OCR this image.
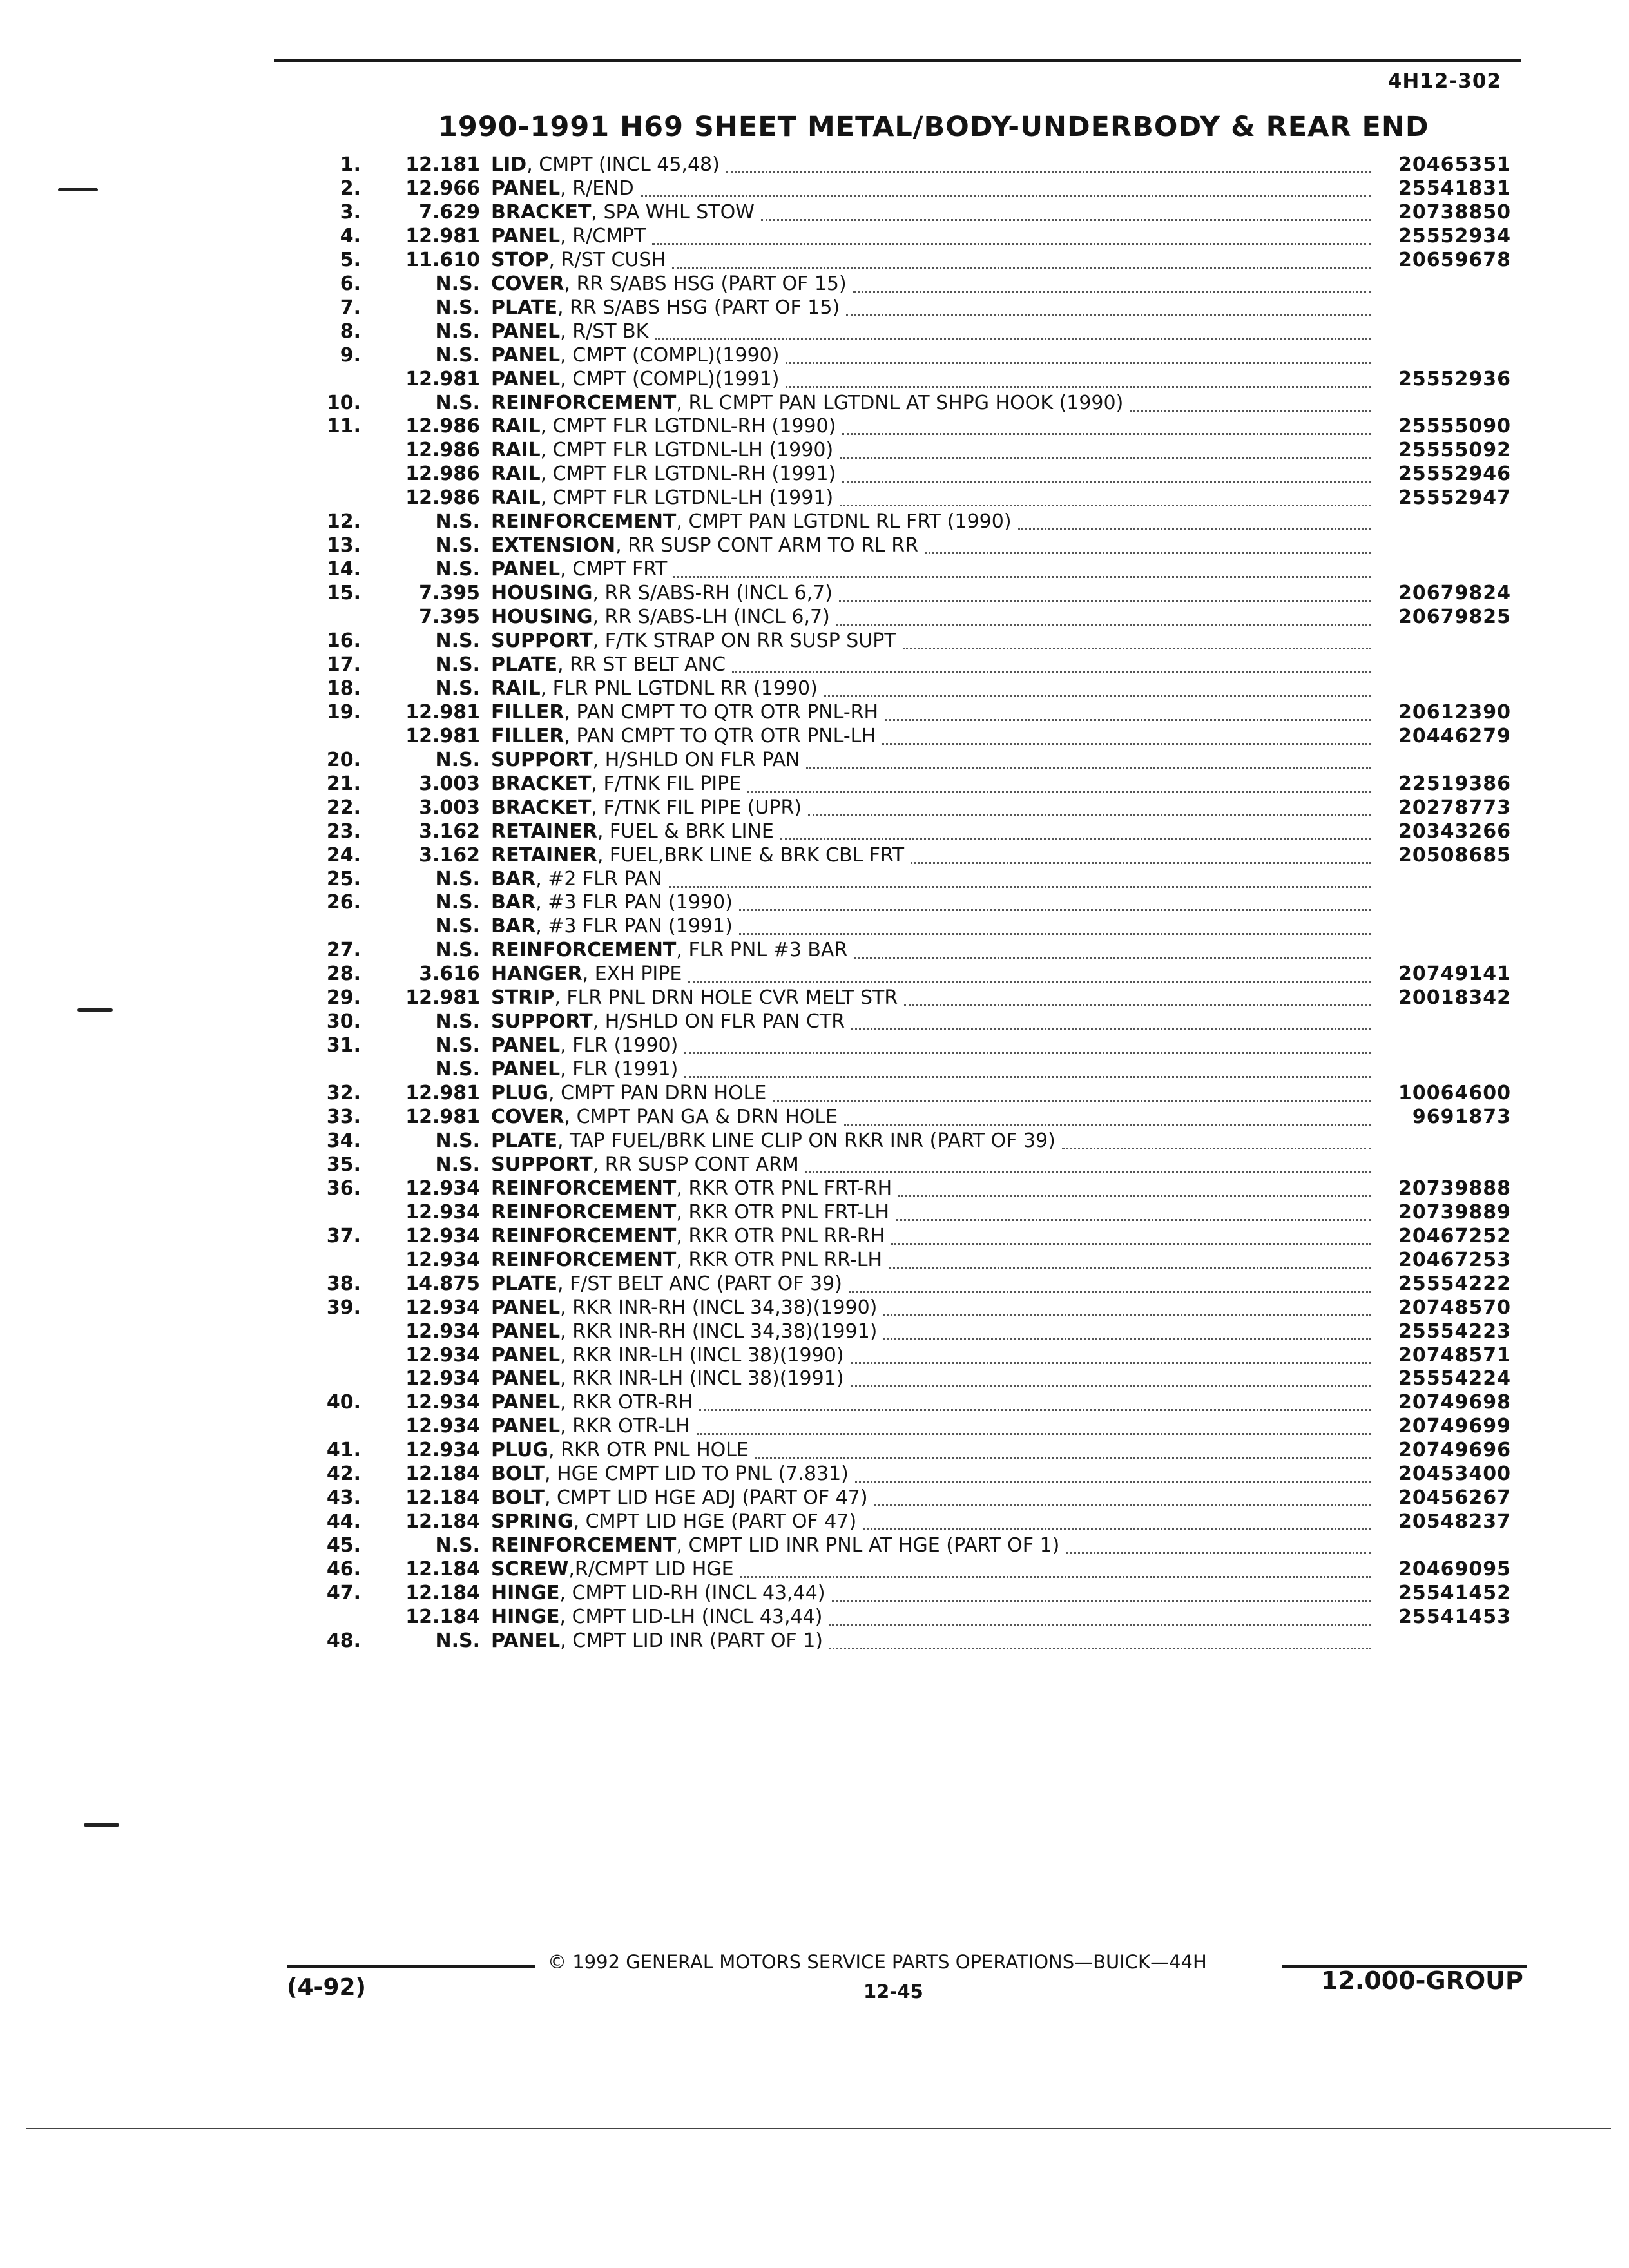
4H12-302
1990-1991 H69 SHEET METAL/BODY-UNDERBODY & REAR END
1.	12.181 LID, CMPT (INCL 45,48)	20465351
2.	12.966 PANEL, R/END	25541831
3.	7.629 BRACKET, SPA WHL STOW	20738850
4.	12.981 PANEL, R/CMPT	25552934
5.	11.610 STOP, R/ST CUSH	20659678
6.	N.S. COVER, RR S/ABS HSG (PART OF 15)
7.	N.S. PLATE, RR S/ABS HSG (PART OF 15)
8.	N.S. PANEL, R/ST BK
9.	N.S. PANEL, CMPT (COMPL)(1990)
12.981 PANEL, CMPT (COMPL)(1991)	25552936
10.	N.S. REINFORCEMENT, RL CMPT PAN LGTDNL AT SHPG HOOK (1990)
11.	12.986 RAIL, CMPT FLR LGTDNL-RH (1990)	25555090
12.986 RAIL, CMPT FLR LGTDNL-LH (1990)	25555092
12.986 RAIL, CMPT FLR LGTDNL-RH (1991)	25552946
12.986 RAIL, CMPT FLR LGTDNL-LH (1991)	25552947
12.	N.S. REINFORCEMENT, CMPT PAN LGTDNL RL FRT (1990)
13.	N.S. EXTENSION, RR SUSP CONT ARM TO RL RR
14.	N.S. PANEL, CMPT FRT
15.	7.395 HOUSING, RR S/ABS-RH (INCL 6,7)	20679824
7.395 HOUSING, RR S/ABS-LH (INCL 6,7)	20679825
16.	N.S. SUPPORT, F/TK STRAP ON RR SUSP SUPT
17.	N.S. PLATE, RR ST BELT ANC
18.	N.S. RAIL, FLR PNL LGTDNL RR (1990)
19.	12.981 FILLER, PAN CMPT TO QTR OTR PNL-RH	20612390
12.981 FILLER, PAN CMPT TO QTR OTR PNL-LH	20446279
20.	N.S. SUPPORT, H/SHLD ON FLR PAN
21.	3.003 BRACKET, F/TNK FIL PIPE	22519386
22.	3.003 BRACKET, F/TNK FIL PIPE (UPR)	20278773
23.	3.162 RETAINER, FUEL & BRK LINE	20343266
24.	3.162 RETAINER, FUEL,BRK LINE & BRK CBL FRT	20508685
25.	N.S. BAR, #2 FLR PAN
26.	N.S. BAR, #3 FLR PAN (1990)
N.S. BAR, #3 FLR PAN (1991)
27.	N.S. REINFORCEMENT, FLR PNL #3 BAR
28.	3.616 HANGER, EXH PIPE	20749141
29.	12.981 STRIP, FLR PNL DRN HOLE CVR MELT STR	20018342
30.	N.S. SUPPORT, H/SHLD ON FLR PAN CTR
31.	N.S. PANEL, FLR (1990)
N.S. PANEL, FLR (1991)
32.	12.981 PLUG, CMPT PAN DRN HOLE	10064600
33.	12.981 COVER, CMPT PAN GA & DRN HOLE	9691873
34.	N.S. PLATE, TAP FUEL/BRK LINE CLIP ON RKR INR (PART OF 39)
35.	N.S. SUPPORT, RR SUSP CONT ARM
36.	12.934 REINFORCEMENT, RKR OTR PNL FRT-RH	20739888
12.934 REINFORCEMENT, RKR OTR PNL FRT-LH	20739889
37.	12.934 REINFORCEMENT, RKR OTR PNL RR-RH	20467252
12.934 REINFORCEMENT, RKR OTR PNL RR-LH	20467253
38.	14.875 PLATE, F/ST BELT ANC (PART OF 39)	25554222
39.	12.934 PANEL, RKR INR-RH (INCL 34,38)(1990)	20748570
12.934 PANEL, RKR INR-RH (INCL 34,38)(1991)	25554223
12.934 PANEL, RKR INR-LH (INCL 38)(1990)	20748571
12.934 PANEL, RKR INR-LH (INCL 38)(1991)	25554224
40.	12.934 PANEL, RKR OTR-RH	20749698
12.934 PANEL, RKR OTR-LH	20749699
41.	12.934 PLUG, RKR OTR PNL HOLE	20749696
42.	12.184 BOLT, HGE CMPT LID TO PNL (7.831)	20453400
43.	12.184 BOLT, CMPT LID HGE ADJ (PART OF 47)	20456267
44.	12.184 SPRING, CMPT LID HGE (PART OF 47)	20548237
45.	N.S. REINFORCEMENT, CMPT LID INR PNL AT HGE (PART OF 1)
46.	12.184 SCREW,R/CMPT LID HGE	20469095
47.	12.184 HINGE, CMPT LID-RH (INCL 43,44)	25541452
12.184 HINGE, CMPT LID-LH (INCL 43,44)	25541453
48.	N.S. PANEL, CMPT LID INR (PART OF 1)
© 1992 GENERAL MOTORS SERVICE PARTS OPERATIONS—BUICK—44H
(4-92)	12-45	12.000-GROUP
